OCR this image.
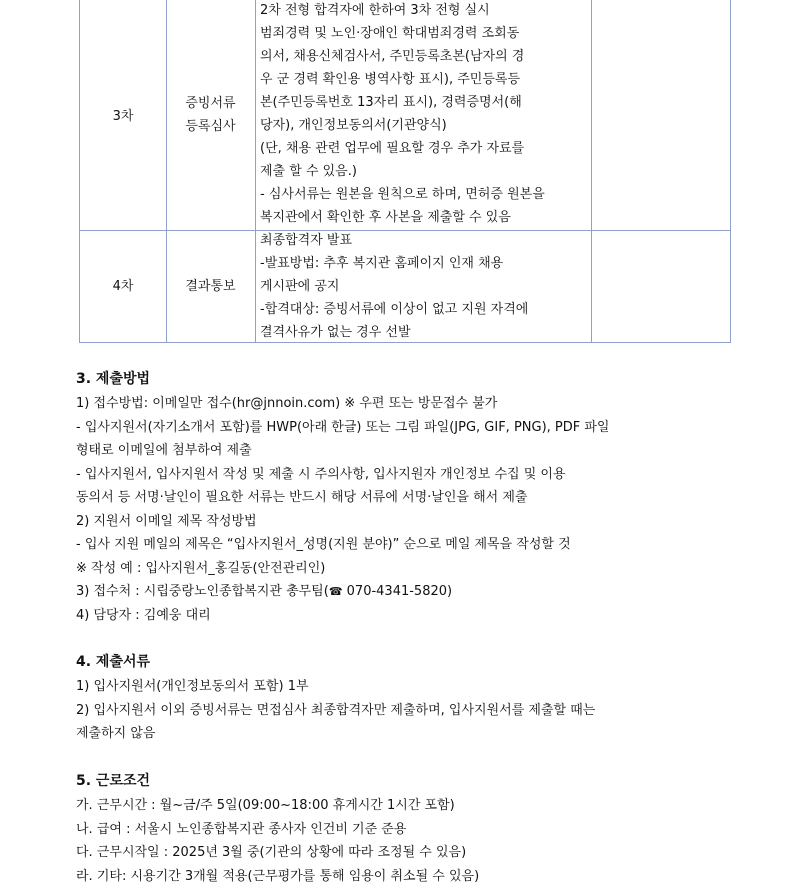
3차
증빙서류
등록심사
2차 전형 합격자에 한하여 3차 전형 실시
범죄경력 및 노인·장애인 학대범죄경력 조회동
의서, 채용신체검사서, 주민등록초본(남자의 경
우 군 경력 확인용 병역사항 표시), 주민등록등
본(주민등록번호 13자리 표시), 경력증명서(해
당자), 개인정보동의서(기관양식)
(단, 채용 관련 업무에 필요할 경우 추가 자료를
제출 할 수 있음.)
- 심사서류는 원본을 원칙으로 하며, 면허증 원본을
복지관에서 확인한 후 사본을 제출할 수 있음
4차	결과통보
최종합격자 발표
-발표방법: 추후 복지관 홈페이지 인재 채용
게시판에 공지
-합격대상: 증빙서류에 이상이 없고 지원 자격에
결격사유가 없는 경우 선발
3. 제출방법
1) 접수방법: 이메일만 접수(hr@jnnoin.com) ※ 우편 또는 방문접수 불가
- 입사지원서(자기소개서 포함)를 HWP(아래 한글) 또는 그림 파일(JPG, GIF, PNG), PDF 파일
형태로 이메일에 첨부하여 제출
- 입사지원서, 입사지원서 작성 및 제출 시 주의사항, 입사지원자 개인정보 수집 및 이용
동의서 등 서명·날인이 필요한 서류는 반드시 해당 서류에 서명·날인을 해서 제출
2) 지원서 이메일 제목 작성방법
- 입사 지원 메일의 제목은 “입사지원서_성명(지원 분야)” 순으로 메일 제목을 작성할 것
※ 작성 예 : 입사지원서_홍길동(안전관리인)
3) 접수처 : 시립중랑노인종합복지관 총무팀(☎ 070-4341-5820)
4) 담당자 : 김예웅 대리
4. 제출서류
1) 입사지원서(개인정보동의서 포함) 1부
2) 입사지원서 이외 증빙서류는 면접심사 최종합격자만 제출하며, 입사지원서를 제출할 때는
제출하지 않음
5. 근로조건
가. 근무시간 : 월~금/주 5일(09:00~18:00 휴게시간 1시간 포함)
나. 급여 : 서울시 노인종합복지관 종사자 인건비 기준 준용
다. 근무시작일 : 2025년 3월 중(기관의 상황에 따라 조정될 수 있음)
라. 기타: 시용기간 3개월 적용(근무평가를 통해 임용이 취소될 수 있음)
